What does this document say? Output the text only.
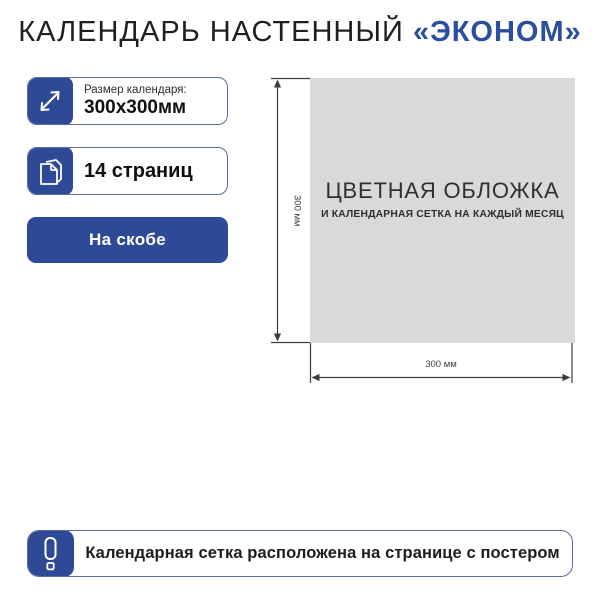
КАЛЕНДАРЬ НАСТЕННЫЙ «ЭКОНОМ»
Размер календаря:
300x300мм
14 страниц
На скобе
ЦВЕТНАЯ ОБЛОЖКА
И КАЛЕНДАРНАЯ СЕТКА НА КАЖДЫЙ МЕСЯЦ
300 мм
300 мм
Календарная сетка расположена на странице с постером
